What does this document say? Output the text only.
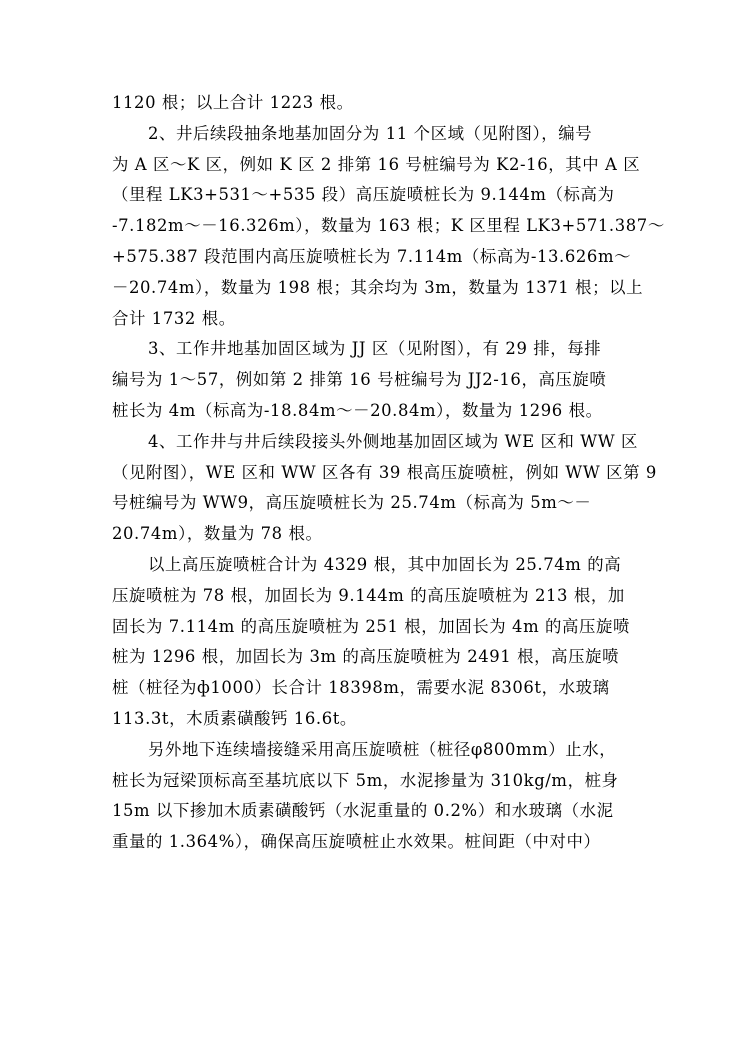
1120 根；以上合计 1223 根。
2、井后续段抽条地基加固分为 11 个区域（见附图），编号
为 A 区～K 区，例如 K 区 2 排第 16 号桩编号为 K2-16，其中 A 区
（里程 LK3+531～+535 段）高压旋喷桩长为 9.144m（标高为
-7.182m～－16.326m），数量为 163 根；K 区里程 LK3+571.387～
+575.387 段范围内高压旋喷桩长为 7.114m（标高为-13.626m～
－20.74m），数量为 198 根；其余均为 3m，数量为 1371 根；以上
合计 1732 根。
3、工作井地基加固区域为 JJ 区（见附图），有 29 排，每排
编号为 1～57，例如第 2 排第 16 号桩编号为 JJ2-16，高压旋喷
桩长为 4m（标高为-18.84m～－20.84m），数量为 1296 根。
4、工作井与井后续段接头外侧地基加固区域为 WE 区和 WW 区
（见附图），WE 区和 WW 区各有 39 根高压旋喷桩，例如 WW 区第 9
号桩编号为 WW9，高压旋喷桩长为 25.74m（标高为 5m～－
20.74m），数量为 78 根。
以上高压旋喷桩合计为 4329 根，其中加固长为 25.74m 的高
压旋喷桩为 78 根，加固长为 9.144m 的高压旋喷桩为 213 根，加
固长为 7.114m 的高压旋喷桩为 251 根，加固长为 4m 的高压旋喷
桩为 1296 根，加固长为 3m 的高压旋喷桩为 2491 根，高压旋喷
桩（桩径为ф1000）长合计 18398m，需要水泥 8306t，水玻璃
113.3t，木质素磺酸钙 16.6t。
另外地下连续墙接缝采用高压旋喷桩（桩径φ800mm）止水，
桩长为冠梁顶标高至基坑底以下 5m，水泥掺量为 310kg/m，桩身
15m 以下掺加木质素磺酸钙（水泥重量的 0.2%）和水玻璃（水泥
重量的 1.364%），确保高压旋喷桩止水效果。桩间距（中对中）
